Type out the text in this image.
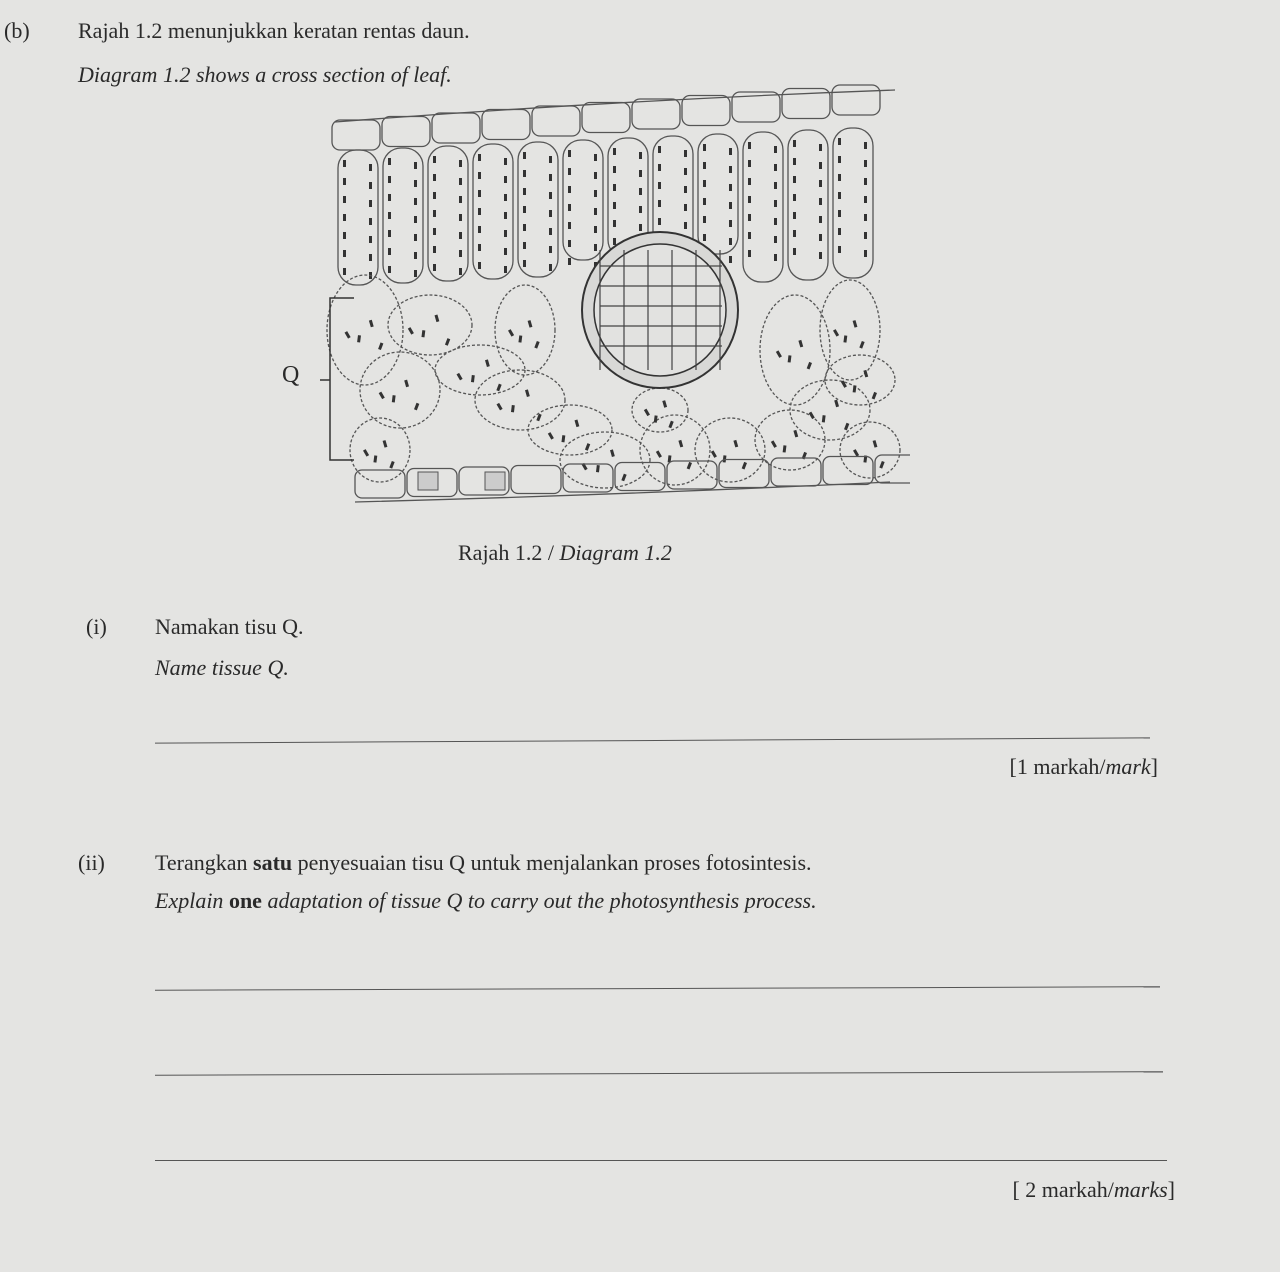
(b) Rajah 1.2 menunjukkan keratan rentas daun.
Diagram 1.2 shows a cross section of leaf.
Q
Rajah 1.2 / Diagram 1.2
(i) Namakan tisu Q.
Name tissue Q.
[1 markah/mark]
(ii) Terangkan satu penyesuaian tisu Q untuk menjalankan proses fotosintesis.
Explain one adaptation of tissue Q to carry out the photosynthesis process.
[ 2 markah/marks]
